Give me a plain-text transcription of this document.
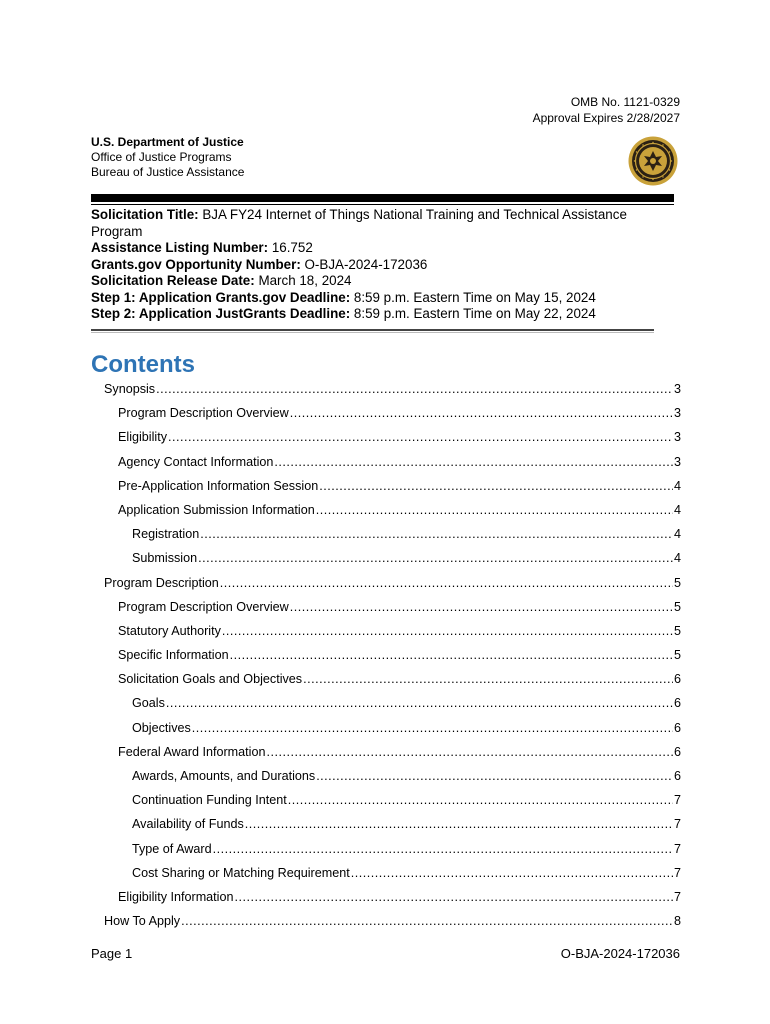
OMB No. 1121-0329
Approval Expires 2/28/2027
U.S. Department of Justice
Office of Justice Programs
Bureau of Justice Assistance
Solicitation Title: BJA FY24 Internet of Things National Training and Technical Assistance
Program
Assistance Listing Number: 16.752
Grants.gov Opportunity Number: O-BJA-2024-172036
Solicitation Release Date: March 18, 2024
Step 1: Application Grants.gov Deadline: 8:59 p.m. Eastern Time on May 15, 2024
Step 2: Application JustGrants Deadline: 8:59 p.m. Eastern Time on May 22, 2024
Contents
Synopsis .....	3
Program Description Overview .....	3
Eligibility .....	3
Agency Contact Information .....	3
Pre-Application Information Session .....	4
Application Submission Information .....	4
Registration .....	4
Submission .....	4
Program Description .....	5
Program Description Overview .....	5
Statutory Authority .....	5
Specific Information .....	5
Solicitation Goals and Objectives .....	6
Goals .....	6
Objectives .....	6
Federal Award Information .....	6
Awards, Amounts, and Durations .....	6
Continuation Funding Intent .....	7
Availability of Funds .....	7
Type of Award .....	7
Cost Sharing or Matching Requirement .....	7
Eligibility Information .....	7
How To Apply .....	8
Page 1	O-BJA-2024-172036
